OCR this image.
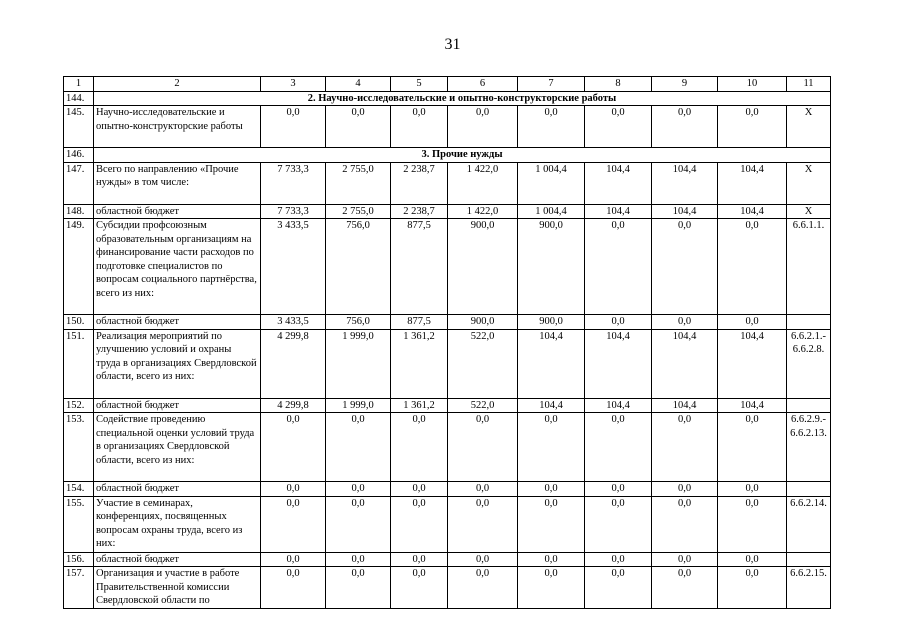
31
1	2	3	4	5	6	7	8	9	10	11
144.	2. Научно-исследовательские и опытно-конструкторские работы									
145.	Научно-исследовательские и опытно-конструкторские работы	0,0	0,0	0,0	0,0	0,0	0,0	0,0	0,0	X

146.	3. Прочие нужды									
147.	Всего по направлению «Прочие нужды» в том числе:	7 733,3	2 755,0	2 238,7	1 422,0	1 004,4	104,4	104,4	104,4	X

148.	областной бюджет	7 733,3	2 755,0	2 238,7	1 422,0	1 004,4	104,4	104,4	104,4	X

149.	Субсидии профсоюзным образовательным организациям на финансирование части расходов по подготовке специалистов по вопросам социального партнёрства, всего из них:	3 433,5	756,0	877,5	900,0	900,0	0,0	0,0	0,0	6.6.1.1.

150.	областной бюджет	3 433,5	756,0	877,5	900,0	900,0	0,0	0,0	0,0	
151.	Реализация мероприятий по улучшению условий и охраны труда в организациях Свердловской области, всего из них:	4 299,8	1 999,0	1 361,2	522,0	104,4	104,4	104,4	104,4	6.6.2.1.-
6.6.2.8.

152.	областной бюджет	4 299,8	1 999,0	1 361,2	522,0	104,4	104,4	104,4	104,4	
153.	Содействие проведению специальной оценки условий труда в организациях Свердловской области, всего из них:	0,0	0,0	0,0	0,0	0,0	0,0	0,0	0,0	6.6.2.9.-
6.6.2.13.

154.	областной бюджет	0,0	0,0	0,0	0,0	0,0	0,0	0,0	0,0	
155.	Участие в семинарах, конференциях, посвященных вопросам охраны труда, всего из них:	0,0	0,0	0,0	0,0	0,0	0,0	0,0	0,0	6.6.2.14.

156.	областной бюджет	0,0	0,0	0,0	0,0	0,0	0,0	0,0	0,0	
157.	Организация и участие в работе Правительственной комиссии Свердловской области по	0,0	0,0	0,0	0,0	0,0	0,0	0,0	0,0	6.6.2.15.
